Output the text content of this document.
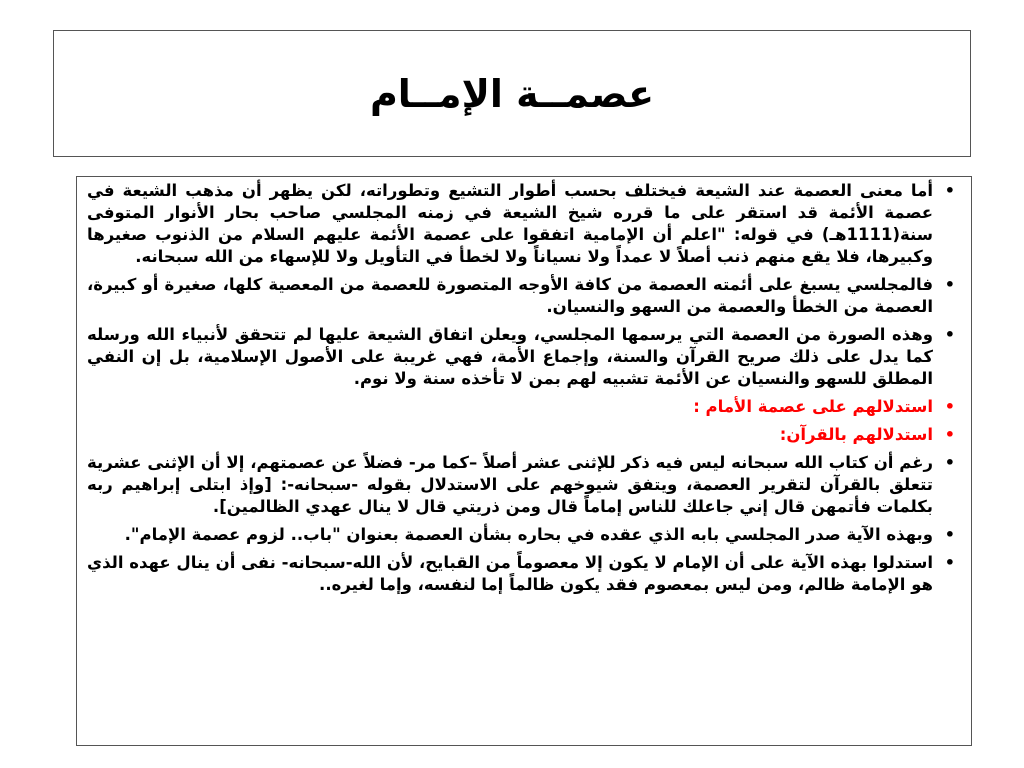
عصمــة الإمــام
•
أما معنى العصمة عند الشيعة فيختلف بحسب أطوار التشيع وتطوراته، لكن يظهر أن مذهب الشيعة في عصمة الأئمة قد استقر على ما قرره شيخ الشيعة في زمنه المجلسي صاحب بحار الأنوار المتوفى سنة(1111هـ) في قوله: "اعلم أن الإمامية اتفقوا على عصمة الأئمة عليهم السلام من الذنوب صغيرها وكبيرها، فلا يقع منهم ذنب أصلاً لا عمداً ولا نسياناً ولا لخطأ في التأويل ولا للإسهاء من الله سبحانه.
•
فالمجلسي يسبغ على أئمته العصمة من كافة الأوجه المتصورة للعصمة من المعصية كلها، صغيرة أو كبيرة، العصمة من الخطأ والعصمة من السهو والنسيان.
•
وهذه الصورة من العصمة التي يرسمها المجلسي، ويعلن اتفاق الشيعة عليها لم تتحقق لأنبياء الله ورسله كما يدل على ذلك صريح القرآن والسنة، وإجماع الأمة، فهي غريبة على الأصول الإسلامية، بل إن النفي المطلق للسهو والنسيان عن الأئمة تشبيه لهم بمن لا تأخذه سنة ولا نوم.
•
استدلالهم على عصمة الأمام :
•
استدلالهم بالقرآن:
•
رغم أن كتاب الله سبحانه ليس فيه ذكر للإثنى عشر أصلاً –كما مر- فضلاً عن عصمتهم، إلا أن الإثنى عشرية تتعلق بالقرآن لتقرير العصمة، ويتفق شيوخهم على الاستدلال بقوله -سبحانه-: [وإذ ابتلى إبراهيم ربه بكلمات فأتمهن قال إني جاعلك للناس إماماً قال ومن ذريتي قال لا ينال عهدي الظالمين].
•
وبهذه الآية صدر المجلسي بابه الذي عقده في بحاره بشأن العصمة بعنوان "باب.. لزوم عصمة الإمام".
•
استدلوا بهذه الآية على أن الإمام لا يكون إلا معصوماً من القبايح، لأن الله-سبحانه- نفى أن ينال عهده الذي هو الإمامة ظالم، ومن ليس بمعصوم فقد يكون ظالماً إما لنفسه، وإما لغيره..
